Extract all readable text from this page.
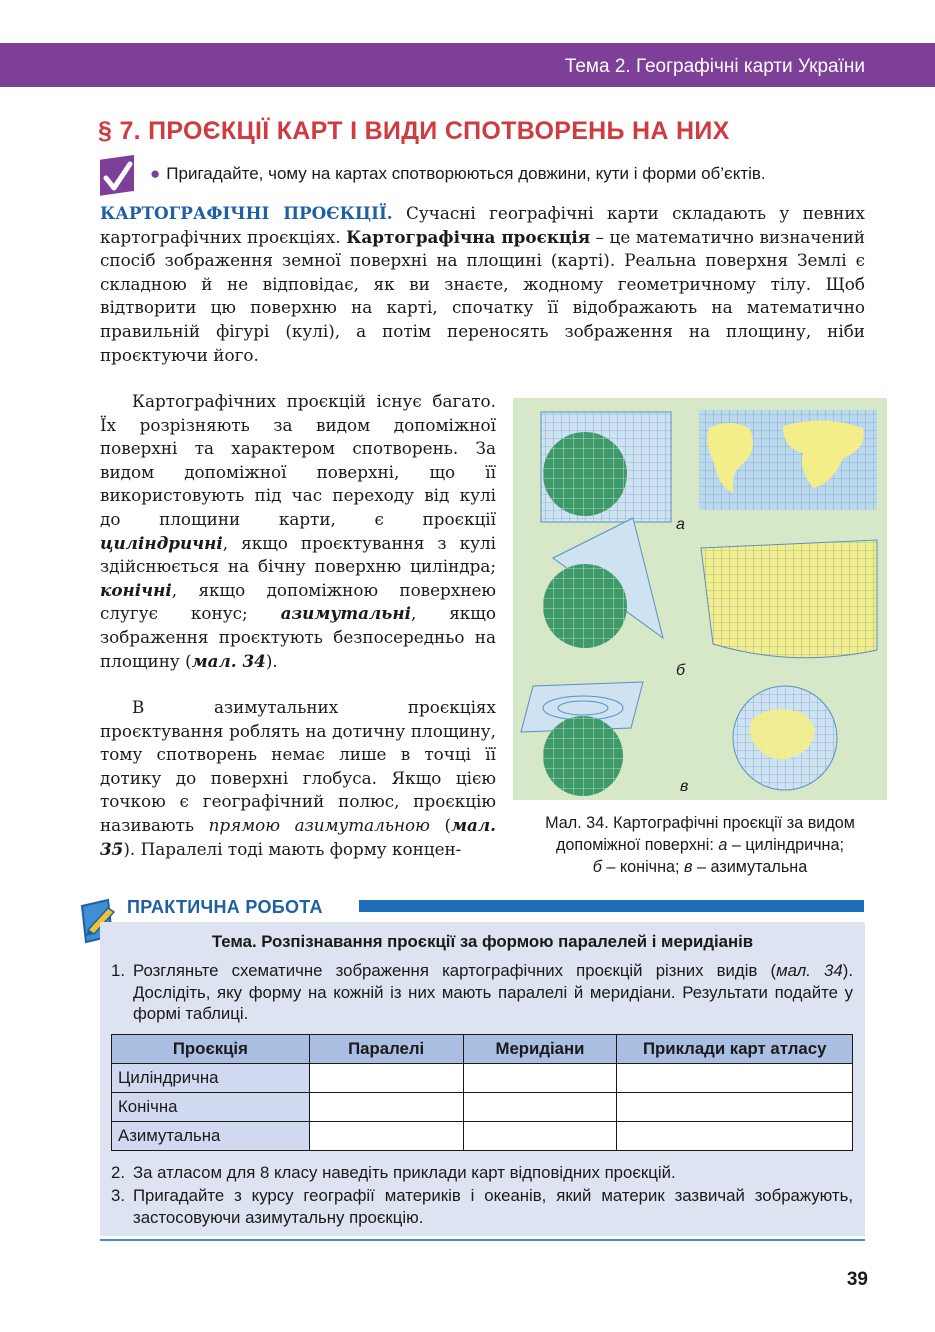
Тема 2. Географічні карти України
§ 7. ПРОЄКЦІЇ КАРТ І ВИДИ СПОТВОРЕНЬ НА НИХ
● Пригадайте, чому на картах спотворюються довжини, кути і форми об’єктів.
КАРТОГРАФІЧНІ ПРОЄКЦІЇ. Сучасні географічні карти складають у певних картографічних проєкціях. Картографічна проєкція – це математично визначений спосіб зображення земної поверхні на площині (карті). Реальна поверхня Землі є складною й не відповідає, як ви знаєте, жодному геометричному тілу. Щоб відтворити цю поверхню на карті, спочатку її відображають на математично правильній фігурі (кулі), а потім переносять зображення на площину, ніби проєктуючи його.
Картографічних проєкцій існує багато. Їх розрізняють за видом допоміжної поверхні та характером спотворень. За видом допоміжної поверхні, що її використовують під час переходу від кулі до площини карти, є проєкції циліндричні, якщо проєктування з кулі здійснюється на бічну поверхню циліндра; конічні, якщо допоміжною поверхнею слугує конус; азимутальні, якщо зображення проєктують безпосередньо на площину (мал. 34).
В азимутальних проєкціях проєктування роблять на дотичну площину, тому спотворень немає лише в точці її дотику до поверхні глобуса. Якщо цією точкою є географічний полюс, проєкцію називають прямою азимутальною (мал. 35). Паралелі тоді мають форму концен-
а
б
в
Мал. 34. Картографічні проєкції за видом
допоміжної поверхні: а – циліндрична;
б – конічна; в – азимутальна
ПРАКТИЧНА РОБОТА
Тема. Розпізнавання проєкції за формою паралелей і меридіанів
1. Розгляньте схематичне зображення картографічних проєкцій різних видів (мал. 34). Дослідіть, яку форму на кожній із них мають паралелі й меридіани. Результати подайте у формі таблиці.
Проєкція	Паралелі	Меридіани	Приклади карт атласу
Циліндрична			
Конічна			
Азимутальна			
2. За атласом для 8 класу наведіть приклади карт відповідних проєкцій.
3. Пригадайте з курсу географії материків і океанів, який материк зазвичай зображують, застосовуючи азимутальну проєкцію.
39
